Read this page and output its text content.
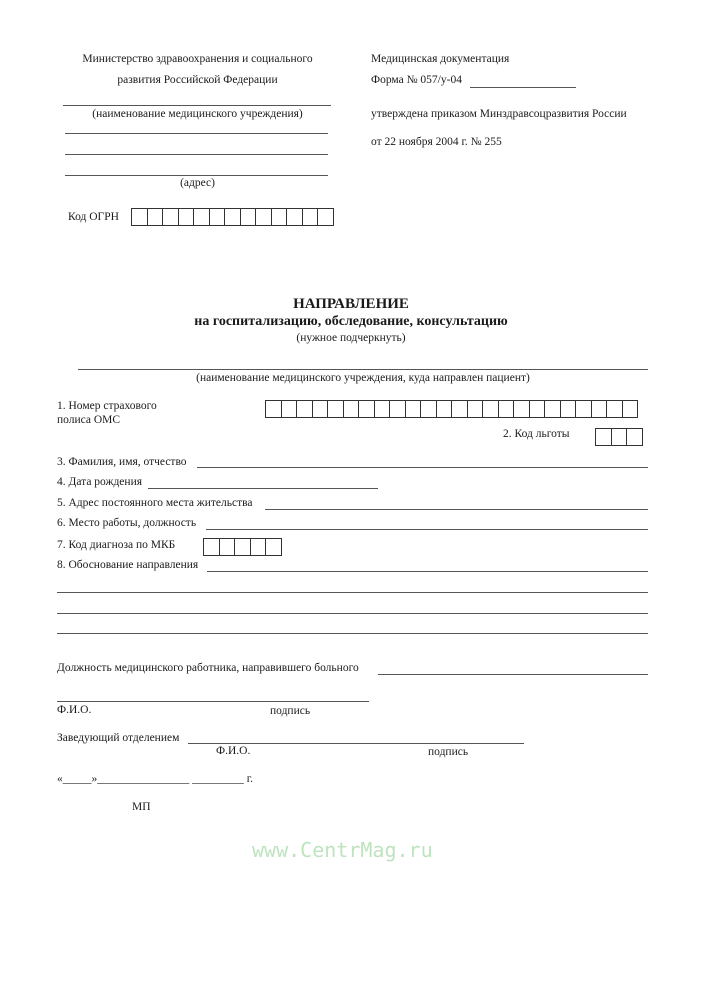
Министерство здравоохранения и социального
развития Российской Федерации
(наименование медицинского учреждения)
(адрес)
Код ОГРН
Медицинская документация
Форма № 057/у-04
утверждена приказом Минздравсоцразвития России
от 22 ноября 2004 г. № 255
НАПРАВЛЕНИЕ
на госпитализацию, обследование, консультацию
(нужное подчеркнуть)
(наименование медицинского учреждения, куда направлен пациент)
1. Номер страхового
полиса ОМС
2. Код льготы
3. Фамилия, имя, отчество
4. Дата рождения
5. Адрес постоянного места жительства
6. Место работы, должность
7. Код диагноза по МКБ
8. Обоснование направления
Должность медицинского работника, направившего больного
Ф.И.О.	подпись
Заведующий отделением
Ф.И.О.	подпись
«_____»________________ _________ г.
МП
www.CentrMag.ru
